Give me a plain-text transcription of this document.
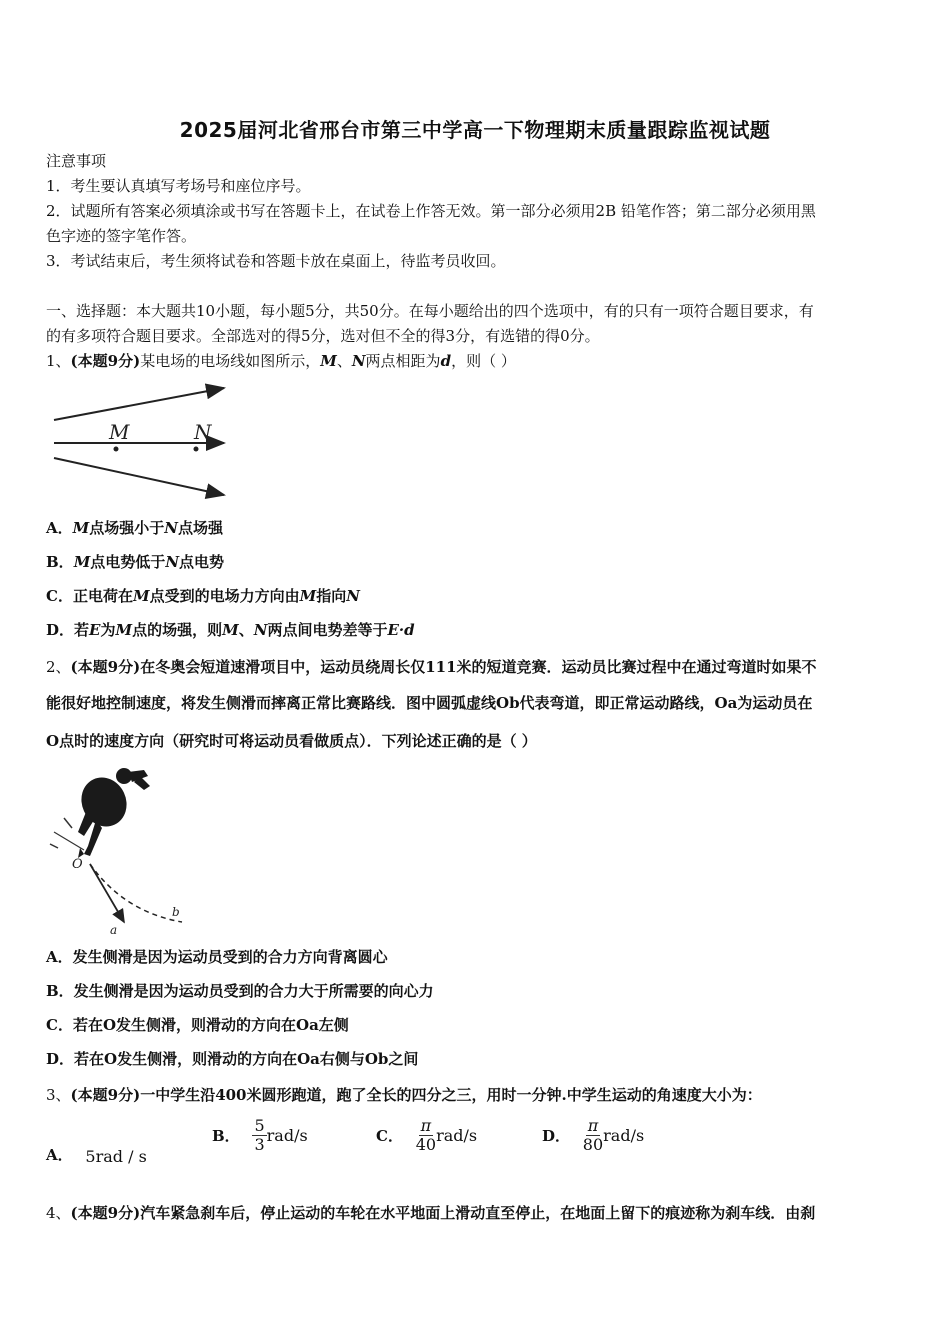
2025届河北省邢台市第三中学高一下物理期末质量跟踪监视试题
注意事项
1．考生要认真填写考场号和座位序号。
2．试题所有答案必须填涂或书写在答题卡上，在试卷上作答无效。第一部分必须用2B 铅笔作答；第二部分必须用黑
色字迹的签字笔作答。
3．考试结束后，考生须将试卷和答题卡放在桌面上，待监考员收回。
一、选择题：本大题共10小题，每小题5分，共50分。在每小题给出的四个选项中，有的只有一项符合题目要求，有
的有多项符合题目要求。全部选对的得5分，选对但不全的得3分，有选错的得0分。
1、(本题9分)某电场的电场线如图所示，M、N两点相距为d，则（ ）
M	N
A．M点场强小于N点场强
B．M点电势低于N点电势
C．正电荷在M点受到的电场力方向由M指向N
D．若E为M点的场强，则M、N两点间电势差等于E·d
2、(本题9分)在冬奥会短道速滑项目中，运动员绕周长仅111米的短道竞赛．运动员比赛过程中在通过弯道时如果不
能很好地控制速度，将发生侧滑而摔离正常比赛路线．图中圆弧虚线Ob代表弯道，即正常运动路线，Oa为运动员在
O点时的速度方向（研究时可将运动员看做质点）．下列论述正确的是（ ）
O
a
b
A．发生侧滑是因为运动员受到的合力方向背离圆心
B．发生侧滑是因为运动员受到的合力大于所需要的向心力
C．若在O发生侧滑，则滑动的方向在Oa左侧
D．若在O发生侧滑，则滑动的方向在Oa右侧与Ob之间
3、(本题9分)一中学生沿400米圆形跑道，跑了全长的四分之三，用时一分钟.中学生运动的角速度大小为：
A． 5rad / s
B． $\frac{5}{3} rad/s$	C． $\frac{\pi}{40} rad/s$	D． $\frac{\pi}{80} rad/s$
4、(本题9分)汽车紧急刹车后，停止运动的车轮在水平地面上滑动直至停止，在地面上留下的痕迹称为刹车线．由刹
